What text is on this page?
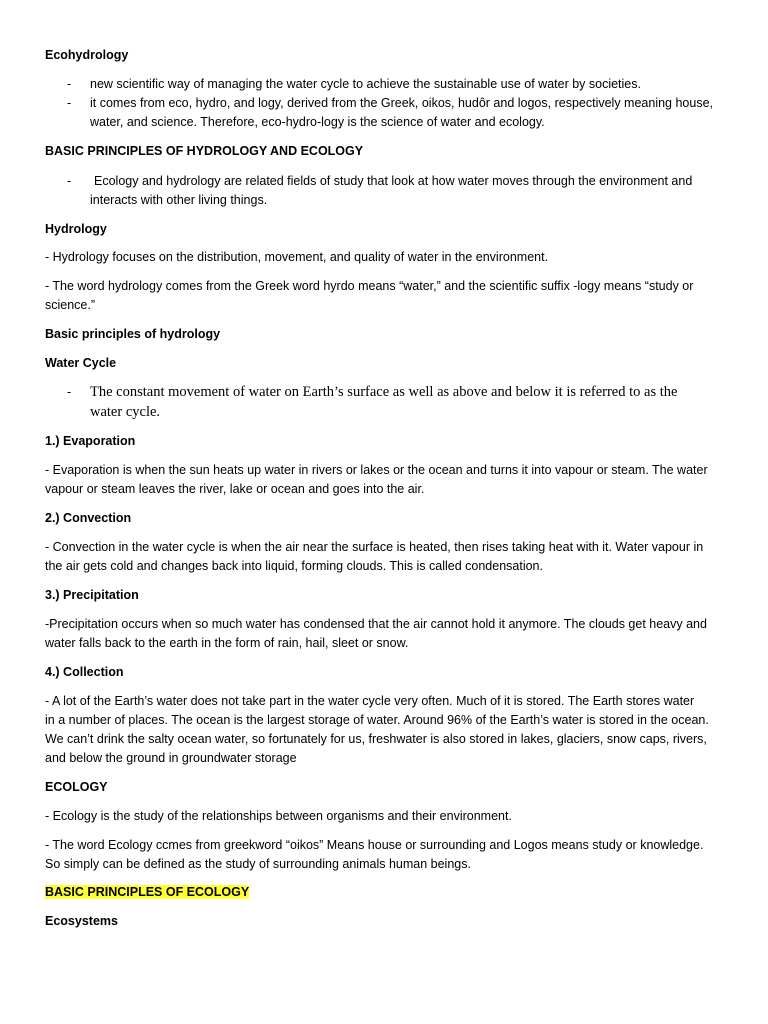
Ecohydrology
- new scientific way of managing the water cycle to achieve the sustainable use of water by societies.
- it comes from eco, hydro, and logy, derived from the Greek, oikos, hudôr and logos, respectively meaning house,
water, and science. Therefore, eco-hydro-logy is the science of water and ecology.
BASIC PRINCIPLES OF HYDROLOGY AND ECOLOGY
- Ecology and hydrology are related fields of study that look at how water moves through the environment and
interacts with other living things.
Hydrology
- Hydrology focuses on the distribution, movement, and quality of water in the environment.
- The word hydrology comes from the Greek word hyrdo means “water,” and the scientific suffix -logy means “study or
science.”
Basic principles of hydrology
Water Cycle
- The constant movement of water on Earth’s surface as well as above and below it is referred to as the
water cycle.
1.) Evaporation
- Evaporation is when the sun heats up water in rivers or lakes or the ocean and turns it into vapour or steam. The water
vapour or steam leaves the river, lake or ocean and goes into the air.
2.) Convection
- Convection in the water cycle is when the air near the surface is heated, then rises taking heat with it. Water vapour in
the air gets cold and changes back into liquid, forming clouds. This is called condensation.
3.) Precipitation
-Precipitation occurs when so much water has condensed that the air cannot hold it anymore. The clouds get heavy and
water falls back to the earth in the form of rain, hail, sleet or snow.
4.) Collection
- A lot of the Earth’s water does not take part in the water cycle very often. Much of it is stored. The Earth stores water
in a number of places. The ocean is the largest storage of water. Around 96% of the Earth’s water is stored in the ocean.
We can’t drink the salty ocean water, so fortunately for us, freshwater is also stored in lakes, glaciers, snow caps, rivers,
and below the ground in groundwater storage
ECOLOGY
- Ecology is the study of the relationships between organisms and their environment.
- The word Ecology ccmes from greekword “oikos” Means house or surrounding and Logos means study or knowledge.
So simply can be defined as the study of surrounding animals human beings.
BASIC PRINCIPLES OF ECOLOGY
Ecosystems
